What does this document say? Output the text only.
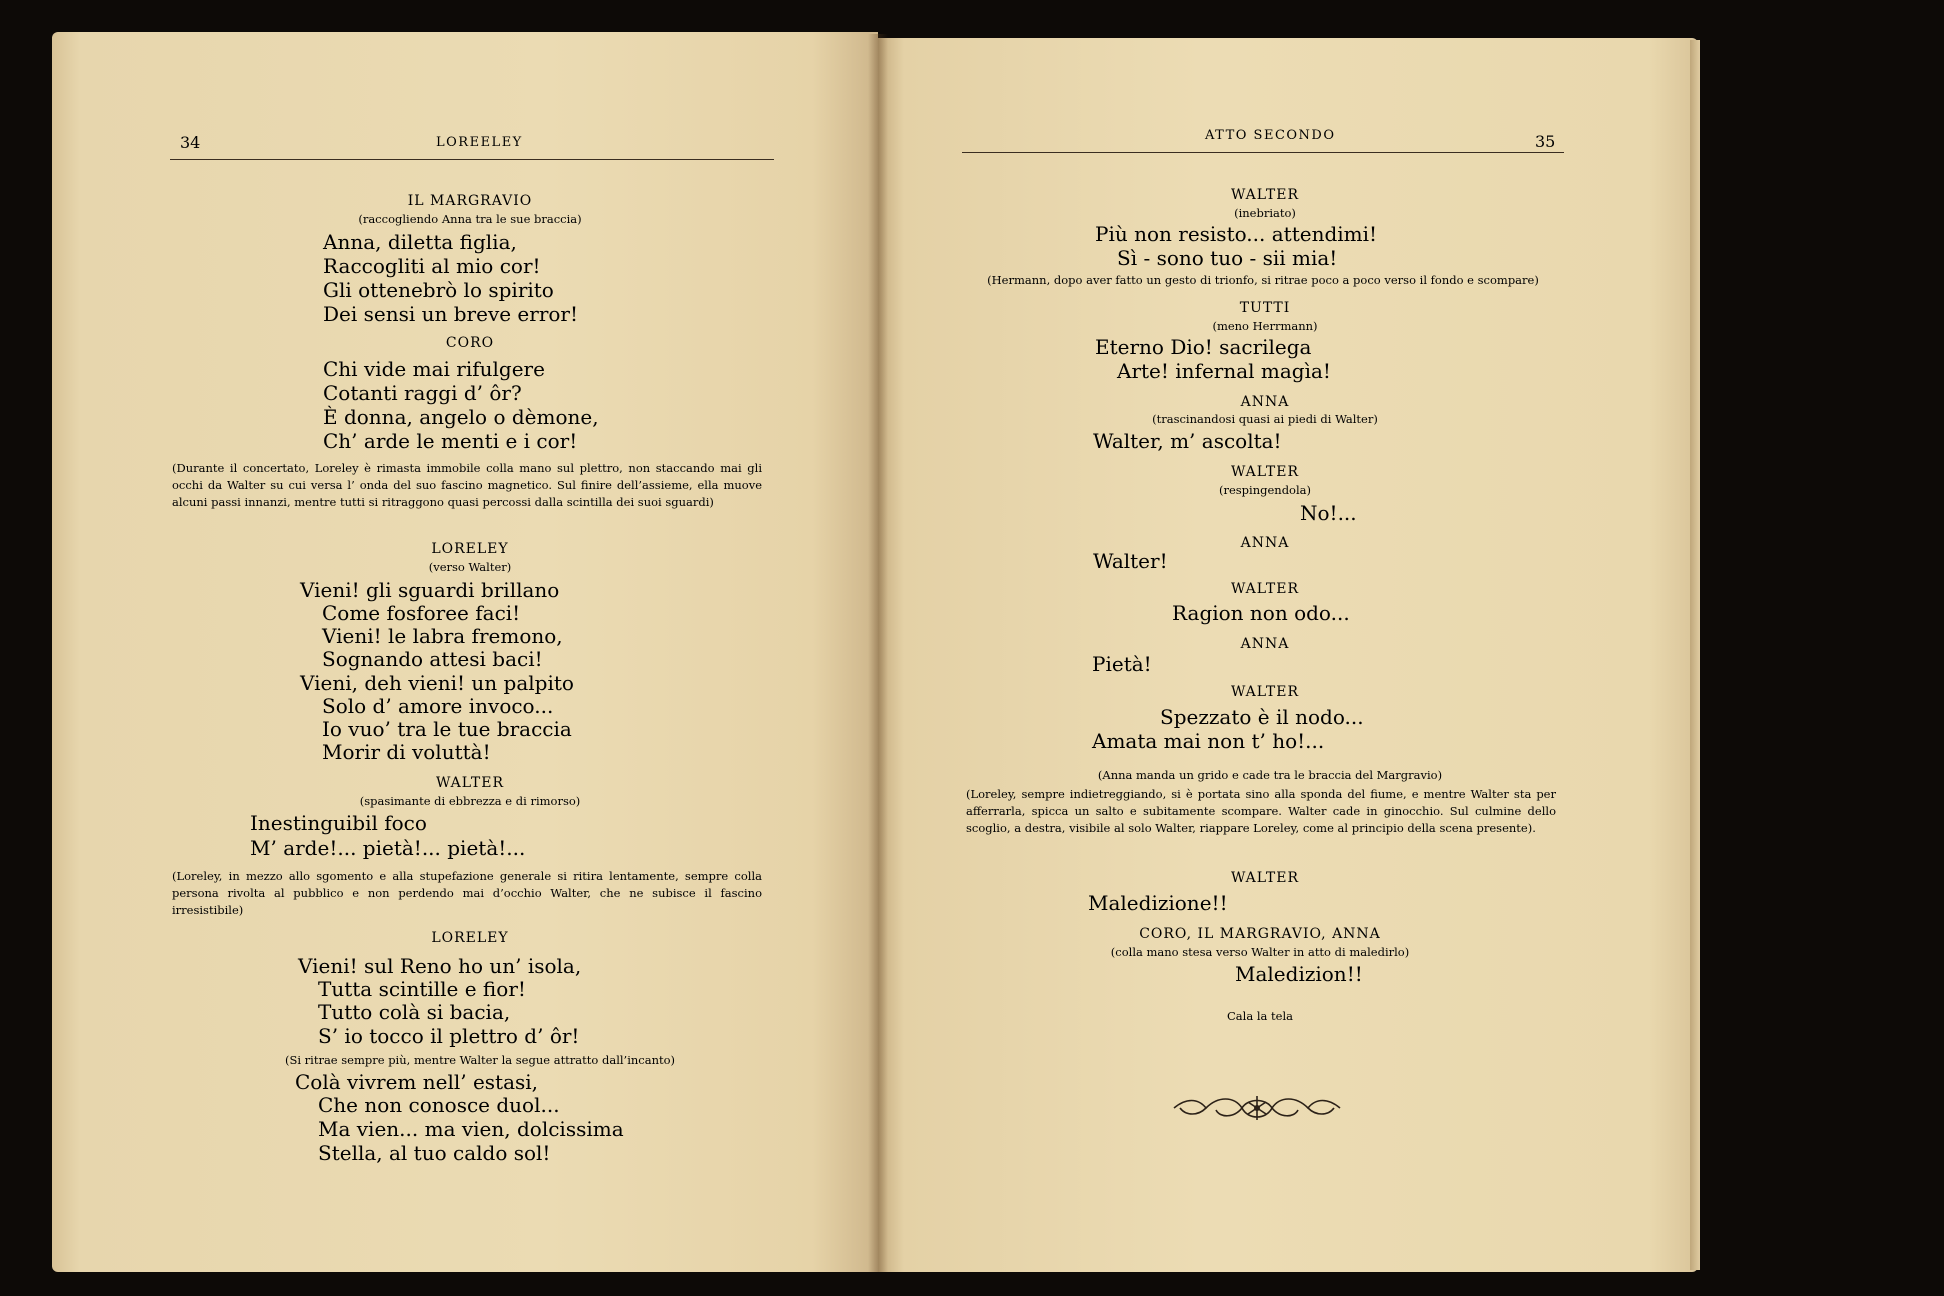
34	LOREELEY
IL MARGRAVIO
(raccogliendo Anna tra le sue braccia)
Anna, diletta figlia,
Raccogliti al mio cor!
Gli ottenebrò lo spirito
Dei sensi un breve error!
CORO
Chi vide mai rifulgere
Cotanti raggi d’ ôr?
È donna, angelo o dèmone,
Ch’ arde le menti e i cor!
(Durante il concertato, Loreley è rimasta immobile colla mano sul plettro, non staccando mai gli occhi da Walter su cui versa l’ onda del suo fascino magnetico. Sul finire dell’assieme, ella muove alcuni passi innanzi, mentre tutti si ritraggono quasi percossi dalla scintilla dei suoi sguardi)
LORELEY
(verso Walter)
Vieni! gli sguardi brillano
Come fosforee faci!
Vieni! le labra fremono,
Sognando attesi baci!
Vieni, deh vieni! un palpito
Solo d’ amore invoco...
Io vuo’ tra le tue braccia
Morir di voluttà!
WALTER
(spasimante di ebbrezza e di rimorso)
Inestinguibil foco
M’ arde!... pietà!... pietà!...
(Loreley, in mezzo allo sgomento e alla stupefazione generale si ritira lentamente, sempre colla persona rivolta al pubblico e non perdendo mai d’occhio Walter, che ne subisce il fascino irresistibile)
LORELEY
Vieni! sul Reno ho un’ isola,
Tutta scintille e fior!
Tutto colà si bacia,
S’ io tocco il plettro d’ ôr!
(Si ritrae sempre più, mentre Walter la segue attratto dall’incanto)
Colà vivrem nell’ estasi,
Che non conosce duol...
Ma vien... ma vien, dolcissima
Stella, al tuo caldo sol!
ATTO SECONDO	35
WALTER
(inebriato)
Più non resisto... attendimi!
Sì - sono tuo - sii mia!
(Hermann, dopo aver fatto un gesto di trionfo, si ritrae poco a poco verso il fondo e scompare)
TUTTI
(meno Herrmann)
Eterno Dio! sacrilega
Arte! infernal magìa!
ANNA
(trascinandosi quasi ai piedi di Walter)
Walter, m’ ascolta!
WALTER
(respingendola)
No!...
ANNA
Walter!
WALTER
Ragion non odo...
ANNA
Pietà!
WALTER
Spezzato è il nodo...
Amata mai non t’ ho!...
(Anna manda un grido e cade tra le braccia del Margravio)
(Loreley, sempre indietreggiando, si è portata sino alla sponda del fiume, e mentre Walter sta per afferrarla, spicca un salto e subitamente scompare. Walter cade in ginocchio. Sul culmine dello scoglio, a destra, visibile al solo Walter, riappare Loreley, come al principio della scena presente).
WALTER
Maledizione!!
CORO, IL MARGRAVIO, ANNA
(colla mano stesa verso Walter in atto di maledirlo)
Maledizion!!
Cala la tela
